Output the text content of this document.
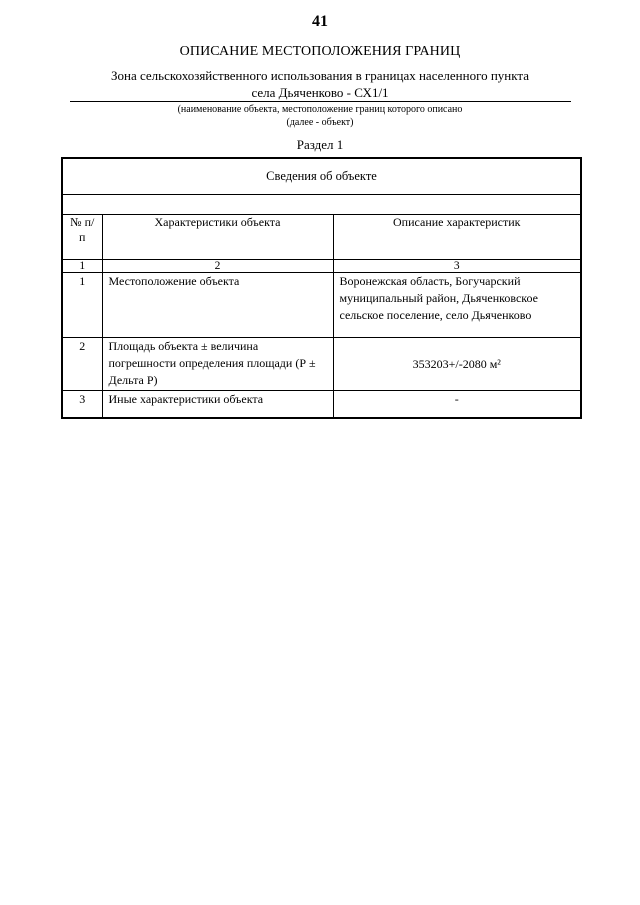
41
ОПИСАНИЕ МЕСТОПОЛОЖЕНИЯ ГРАНИЦ
Зона сельскохозяйственного использования в границах населенного пункта
села Дьяченково - СХ1/1
(наименование объекта, местоположение границ которого описано
(далее - объект)
Раздел 1
Сведения об объекте		

№ п/п	Характеристики объекта	Описание характеристик
1	2	3
1	Местоположение объекта	Воронежская область, Богучарский муниципальный район, Дьяченковское сельское поселение, село Дьяченково
2	Площадь объекта ± величина погрешности определения площади (Р ± Дельта Р)	353203+/-2080 м²
3	Иные характеристики объекта	-
